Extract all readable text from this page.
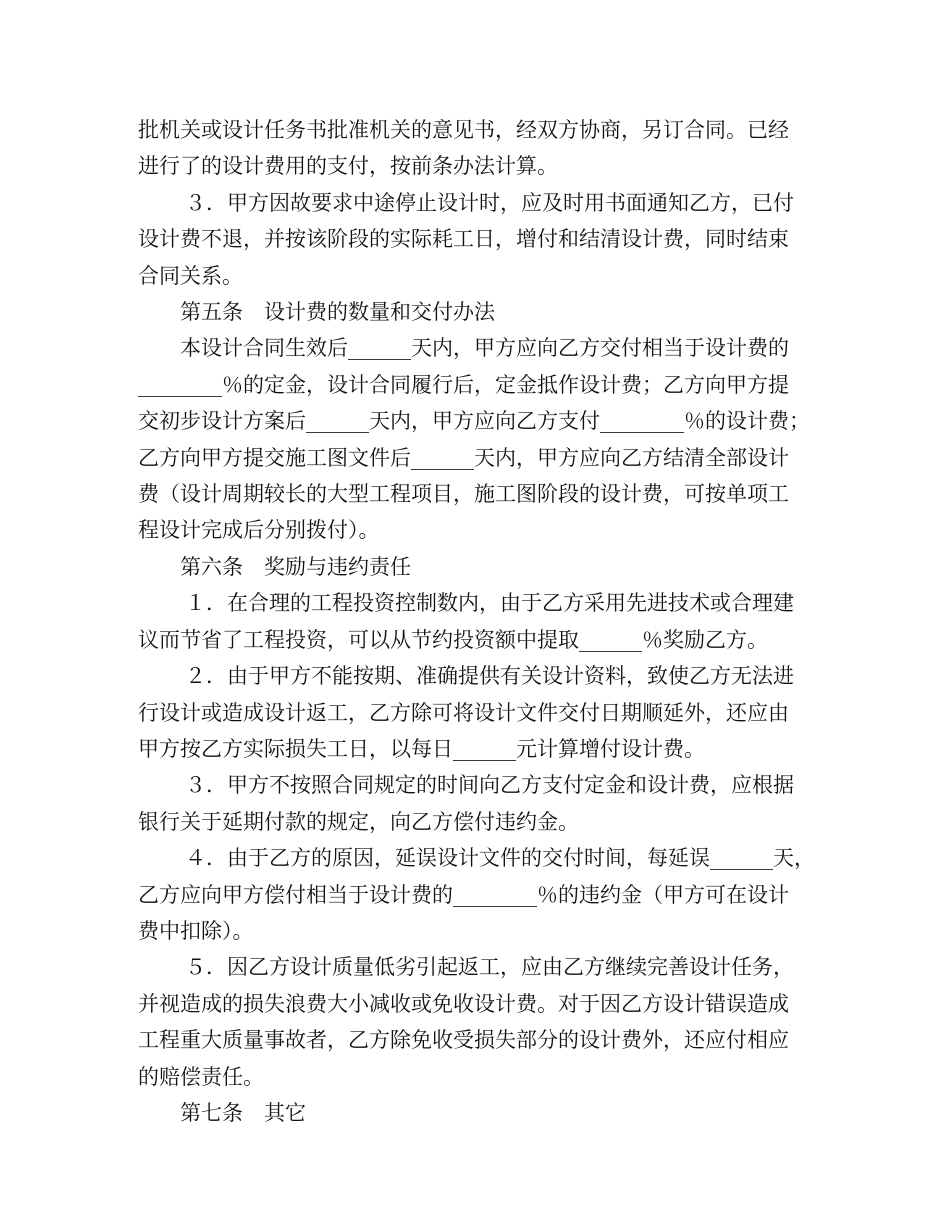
批机关或设计任务书批准机关的意见书，经双方协商，另订合同。已经

进行了的设计费用的支付，按前条办法计算。

３．甲方因故要求中途停止设计时，应及时用书面通知乙方，已付

设计费不退，并按该阶段的实际耗工日，增付和结清设计费，同时结束

合同关系。

第五条　设计费的数量和交付办法

本设计合同生效后______天内，甲方应向乙方交付相当于设计费的

________％的定金，设计合同履行后，定金抵作设计费；乙方向甲方提

交初步设计方案后______天内，甲方应向乙方支付________％的设计费；

乙方向甲方提交施工图文件后______天内，甲方应向乙方结清全部设计

费（设计周期较长的大型工程项目，施工图阶段的设计费，可按单项工

程设计完成后分别拨付）。

第六条　奖励与违约责任

１．在合理的工程投资控制数内，由于乙方采用先进技术或合理建

议而节省了工程投资，可以从节约投资额中提取______％奖励乙方。

２．由于甲方不能按期、准确提供有关设计资料，致使乙方无法进

行设计或造成设计返工，乙方除可将设计文件交付日期顺延外，还应由

甲方按乙方实际损失工日，以每日______元计算增付设计费。

３．甲方不按照合同规定的时间向乙方支付定金和设计费，应根据

银行关于延期付款的规定，向乙方偿付违约金。

４．由于乙方的原因，延误设计文件的交付时间，每延误______天，

乙方应向甲方偿付相当于设计费的________％的违约金（甲方可在设计

费中扣除）。

５．因乙方设计质量低劣引起返工，应由乙方继续完善设计任务，

并视造成的损失浪费大小减收或免收设计费。对于因乙方设计错误造成

工程重大质量事故者，乙方除免收受损失部分的设计费外，还应付相应

的赔偿责任。

第七条　其它
